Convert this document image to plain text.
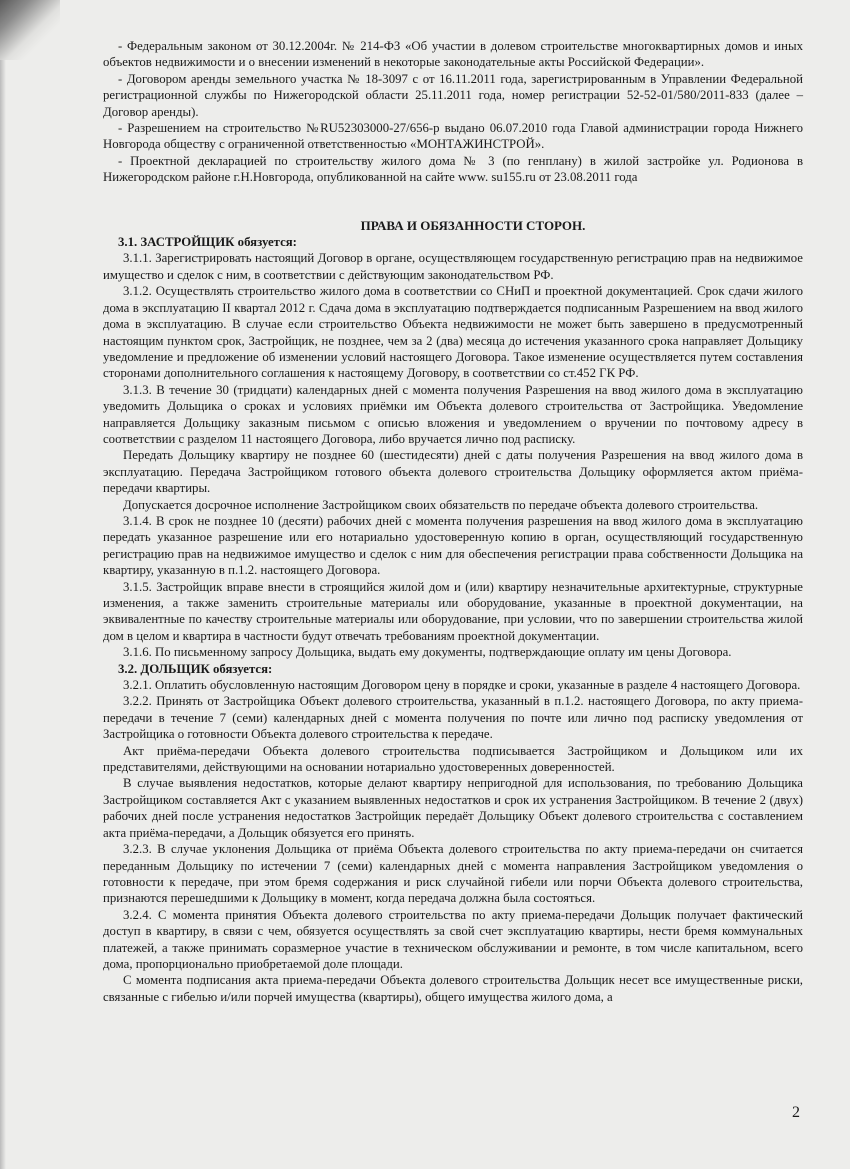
- Федеральным законом от 30.12.2004г. № 214-ФЗ «Об участии в долевом строительстве многоквартирных домов и иных объектов недвижимости и о внесении изменений в некоторые законодательные акты Российской Федерации».

- Договором аренды земельного участка № 18-3097 с от 16.11.2011 года, зарегистрированным в Управлении Федеральной регистрационной службы по Нижегородской области 25.11.2011 года, номер регистрации 52-52-01/580/2011-833 (далее – Договор аренды).

- Разрешением на строительство №RU52303000-27/656-р выдано 06.07.2010 года Главой администрации города Нижнего Новгорода обществу с ограниченной ответственностью «МОНТАЖИНСТРОЙ».

- Проектной декларацией по строительству жилого дома № 3 (по генплану) в жилой застройке ул. Родионова в Нижегородском районе г.Н.Новгорода, опубликованной на сайте www. su155.ru от 23.08.2011 года

ПРАВА И ОБЯЗАННОСТИ СТОРОН.

3.1. ЗАСТРОЙЩИК обязуется:

3.1.1. Зарегистрировать настоящий Договор в органе, осуществляющем государственную регистрацию прав на недвижимое имущество и сделок с ним, в соответствии с действующим законодательством РФ.

3.1.2. Осуществлять строительство жилого дома в соответствии со СНиП и проектной документацией. Срок сдачи жилого дома в эксплуатацию II квартал 2012 г. Сдача дома в эксплуатацию подтверждается подписанным Разрешением на ввод жилого дома в эксплуатацию. В случае если строительство Объекта недвижимости не может быть завершено в предусмотренный настоящим пунктом срок, Застройщик, не позднее, чем за 2 (два) месяца до истечения указанного срока направляет Дольщику уведомление и предложение об изменении условий настоящего Договора. Такое изменение осуществляется путем составления сторонами дополнительного соглашения к настоящему Договору, в соответствии со ст.452 ГК РФ.

3.1.3. В течение 30 (тридцати) календарных дней с момента получения Разрешения на ввод жилого дома в эксплуатацию уведомить Дольщика о сроках и условиях приёмки им Объекта долевого строительства от Застройщика. Уведомление направляется Дольщику заказным письмом с описью вложения и уведомлением о вручении по почтовому адресу в соответствии с разделом 11 настоящего Договора, либо вручается лично под расписку.

Передать Дольщику квартиру не позднее 60 (шестидесяти) дней с даты получения Разрешения на ввод жилого дома в эксплуатацию. Передача Застройщиком готового объекта долевого строительства Дольщику оформляется актом приёма-передачи квартиры.

Допускается досрочное исполнение Застройщиком своих обязательств по передаче объекта долевого строительства.

3.1.4. В срок не позднее 10 (десяти) рабочих дней с момента получения разрешения на ввод жилого дома в эксплуатацию передать указанное разрешение или его нотариально удостоверенную копию в орган, осуществляющий государственную регистрацию прав на недвижимое имущество и сделок с ним для обеспечения регистрации права собственности Дольщика на квартиру, указанную в п.1.2. настоящего Договора.

3.1.5. Застройщик вправе внести в строящийся жилой дом и (или) квартиру незначительные архитектурные, структурные изменения, а также заменить строительные материалы или оборудование, указанные в проектной документации, на эквивалентные по качеству строительные материалы или оборудование, при условии, что по завершении строительства жилой дом в целом и квартира в частности будут отвечать требованиям проектной документации.

3.1.6. По письменному запросу Дольщика, выдать ему документы, подтверждающие оплату им цены Договора.

3.2. ДОЛЬЩИК обязуется:

3.2.1. Оплатить обусловленную настоящим Договором цену в порядке и сроки, указанные в разделе 4 настоящего Договора.

3.2.2. Принять от Застройщика Объект долевого строительства, указанный в п.1.2. настоящего Договора, по акту приема-передачи в течение 7 (семи) календарных дней с момента получения по почте или лично под расписку уведомления от Застройщика о готовности Объекта долевого строительства к передаче.

Акт приёма-передачи Объекта долевого строительства подписывается Застройщиком и Дольщиком или их представителями, действующими на основании нотариально удостоверенных доверенностей.

В случае выявления недостатков, которые делают квартиру непригодной для использования, по требованию Дольщика Застройщиком составляется Акт с указанием выявленных недостатков и срок их устранения Застройщиком. В течение 2 (двух) рабочих дней после устранения недостатков Застройщик передаёт Дольщику Объект долевого строительства с составлением акта приёма-передачи, а Дольщик обязуется его принять.

3.2.3. В случае уклонения Дольщика от приёма Объекта долевого строительства по акту приема-передачи он считается переданным Дольщику по истечении 7 (семи) календарных дней с момента направления Застройщиком уведомления о готовности к передаче, при этом бремя содержания и риск случайной гибели или порчи Объекта долевого строительства, признаются перешедшими к Дольщику в момент, когда передача должна была состояться.

3.2.4. С момента принятия Объекта долевого строительства по акту приема-передачи Дольщик получает фактический доступ в квартиру, в связи с чем, обязуется осуществлять за свой счет эксплуатацию квартиры, нести бремя коммунальных платежей, а также принимать соразмерное участие в техническом обслуживании и ремонте, в том числе капитальном, всего дома, пропорционально приобретаемой доле площади.

С момента подписания акта приема-передачи Объекта долевого строительства Дольщик несет все имущественные риски, связанные с гибелью и/или порчей имущества (квартиры), общего имущества жилого дома, а

2
